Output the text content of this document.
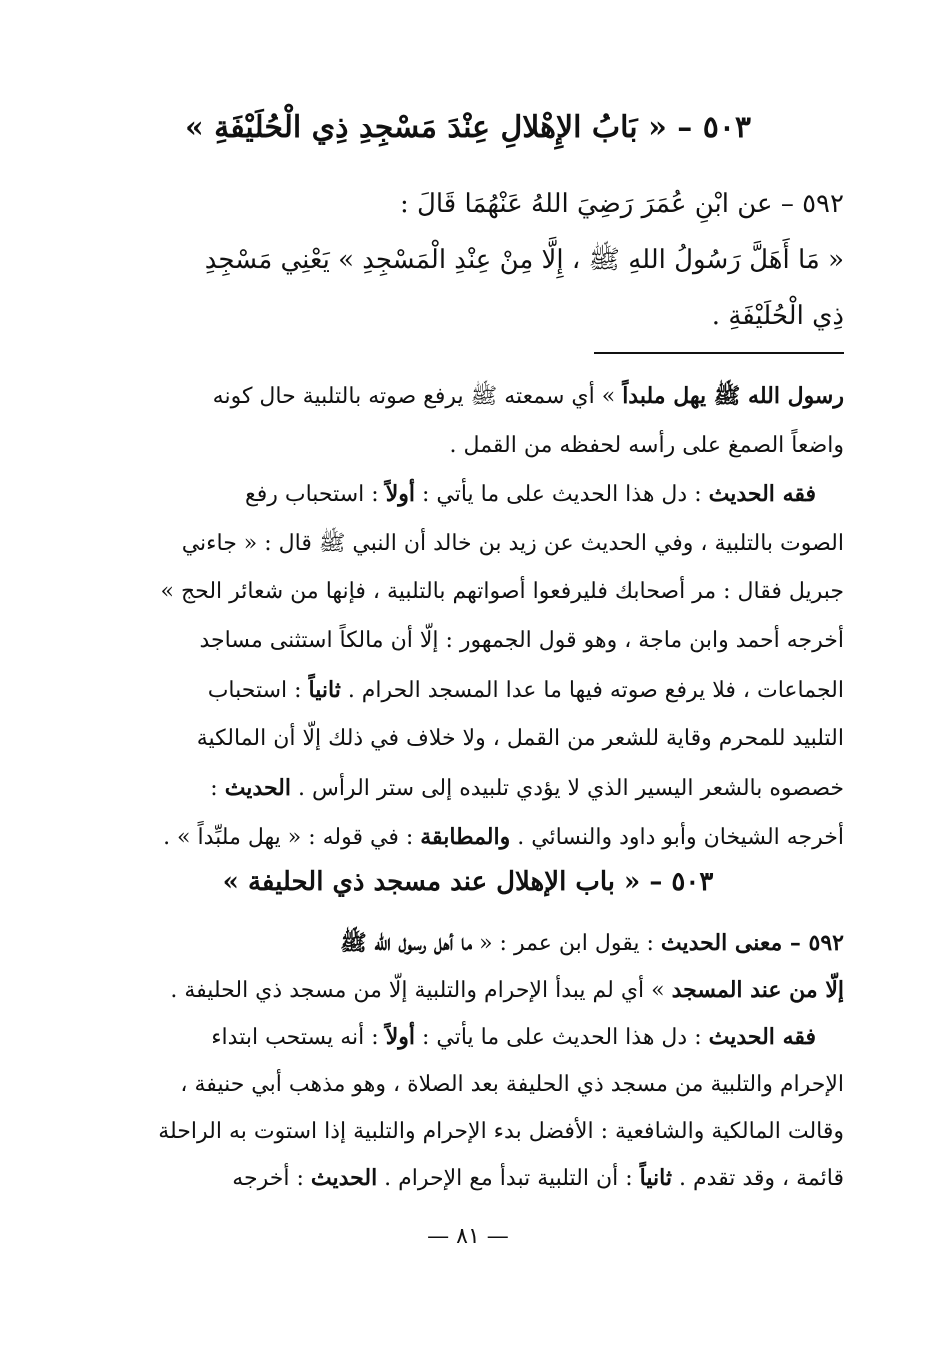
٥٠٣ – « بَابُ الإِهْلالِ عِنْدَ مَسْجِدِ ذِي الْحُلَيْفَةِ »
٥٩٢ – عن ابْنِ عُمَرَ رَضِيَ اللهُ عَنْهُمَا قَالَ :
« مَا أَهَلَّ رَسُولُ اللهِ ﷺ ، إِلَّا مِنْ عِنْدِ الْمَسْجِدِ » يَعْنِي مَسْجِدِ
ذِي الْحُلَيْفَةِ .
رسول الله ﷺ يهل ملبداً » أي سمعته ﷺ يرفع صوته بالتلبية حال كونه
واضعاً الصمغ على رأسه لحفظه من القمل .
فقه الحديث : دل هذا الحديث على ما يأتي : أولاً : استحباب رفع
الصوت بالتلبية ، وفي الحديث عن زيد بن خالد أن النبي ﷺ قال : « جاءني
جبريل فقال : مر أصحابك فليرفعوا أصواتهم بالتلبية ، فإنها من شعائر الحج »
أخرجه أحمد وابن ماجة ، وهو قول الجمهور : إلّا أن مالكاً استثنى مساجد
الجماعات ، فلا يرفع صوته فيها ما عدا المسجد الحرام . ثانياً : استحباب
التلبيد للمحرم وقاية للشعر من القمل ، ولا خلاف في ذلك إلّا أن المالكية
خصصوه بالشعر اليسير الذي لا يؤدي تلبيده إلى ستر الرأس . الحديث :
أخرجه الشيخان وأبو داود والنسائي . والمطابقة : في قوله : « يهل ملبِّداً » .
٥٠٣ – « باب الإهلال عند مسجد ذي الحليفة »
٥٩٢ – معنى الحديث : يقول ابن عمر : « ما أهل رسول الله ﷺ
إلّا من عند المسجد » أي لم يبدأ الإحرام والتلبية إلّا من مسجد ذي الحليفة .
فقه الحديث : دل هذا الحديث على ما يأتي : أولاً : أنه يستحب ابتداء
الإحرام والتلبية من مسجد ذي الحليفة بعد الصلاة ، وهو مذهب أبي حنيفة ،
وقالت المالكية والشافعية : الأفضل بدء الإحرام والتلبية إذا استوت به الراحلة
قائمة ، وقد تقدم . ثانياً : أن التلبية تبدأ مع الإحرام . الحديث : أخرجه
— ٨١ —
